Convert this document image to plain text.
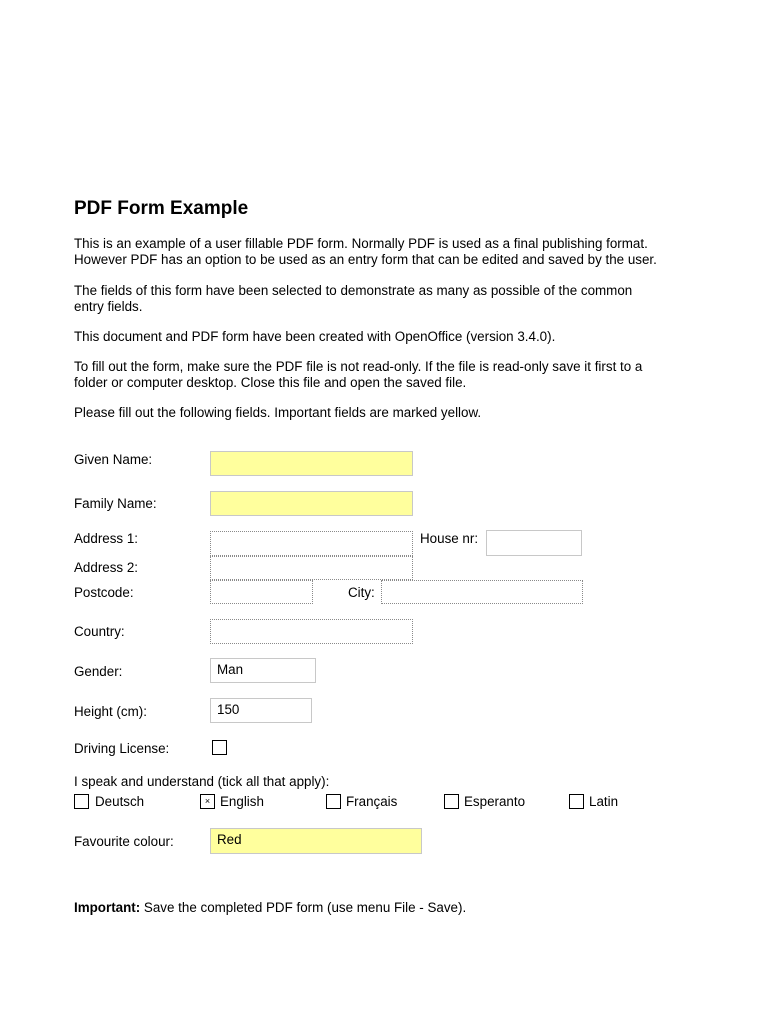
PDF Form Example
This is an example of a user fillable PDF form. Normally PDF is used as a final publishing format.
However PDF has an option to be used as an entry form that can be edited and saved by the user.
The fields of this form have been selected to demonstrate as many as possible of the common
entry fields.
This document and PDF form have been created with OpenOffice (version 3.4.0).
To fill out the form, make sure the PDF file is not read-only. If the file is read-only save it first to a
folder or computer desktop. Close this file and open the saved file.
Please fill out the following fields. Important fields are marked yellow.
Given Name:
Family Name:
Address 1:	House nr:
Address 2:
Postcode:	City:
Country:
Gender:	Man
Height (cm):	150
Driving License:
I speak and understand (tick all that apply):
Deutsch	× English	Français	Esperanto	Latin
Favourite colour:	Red
Important: Save the completed PDF form (use menu File - Save).
